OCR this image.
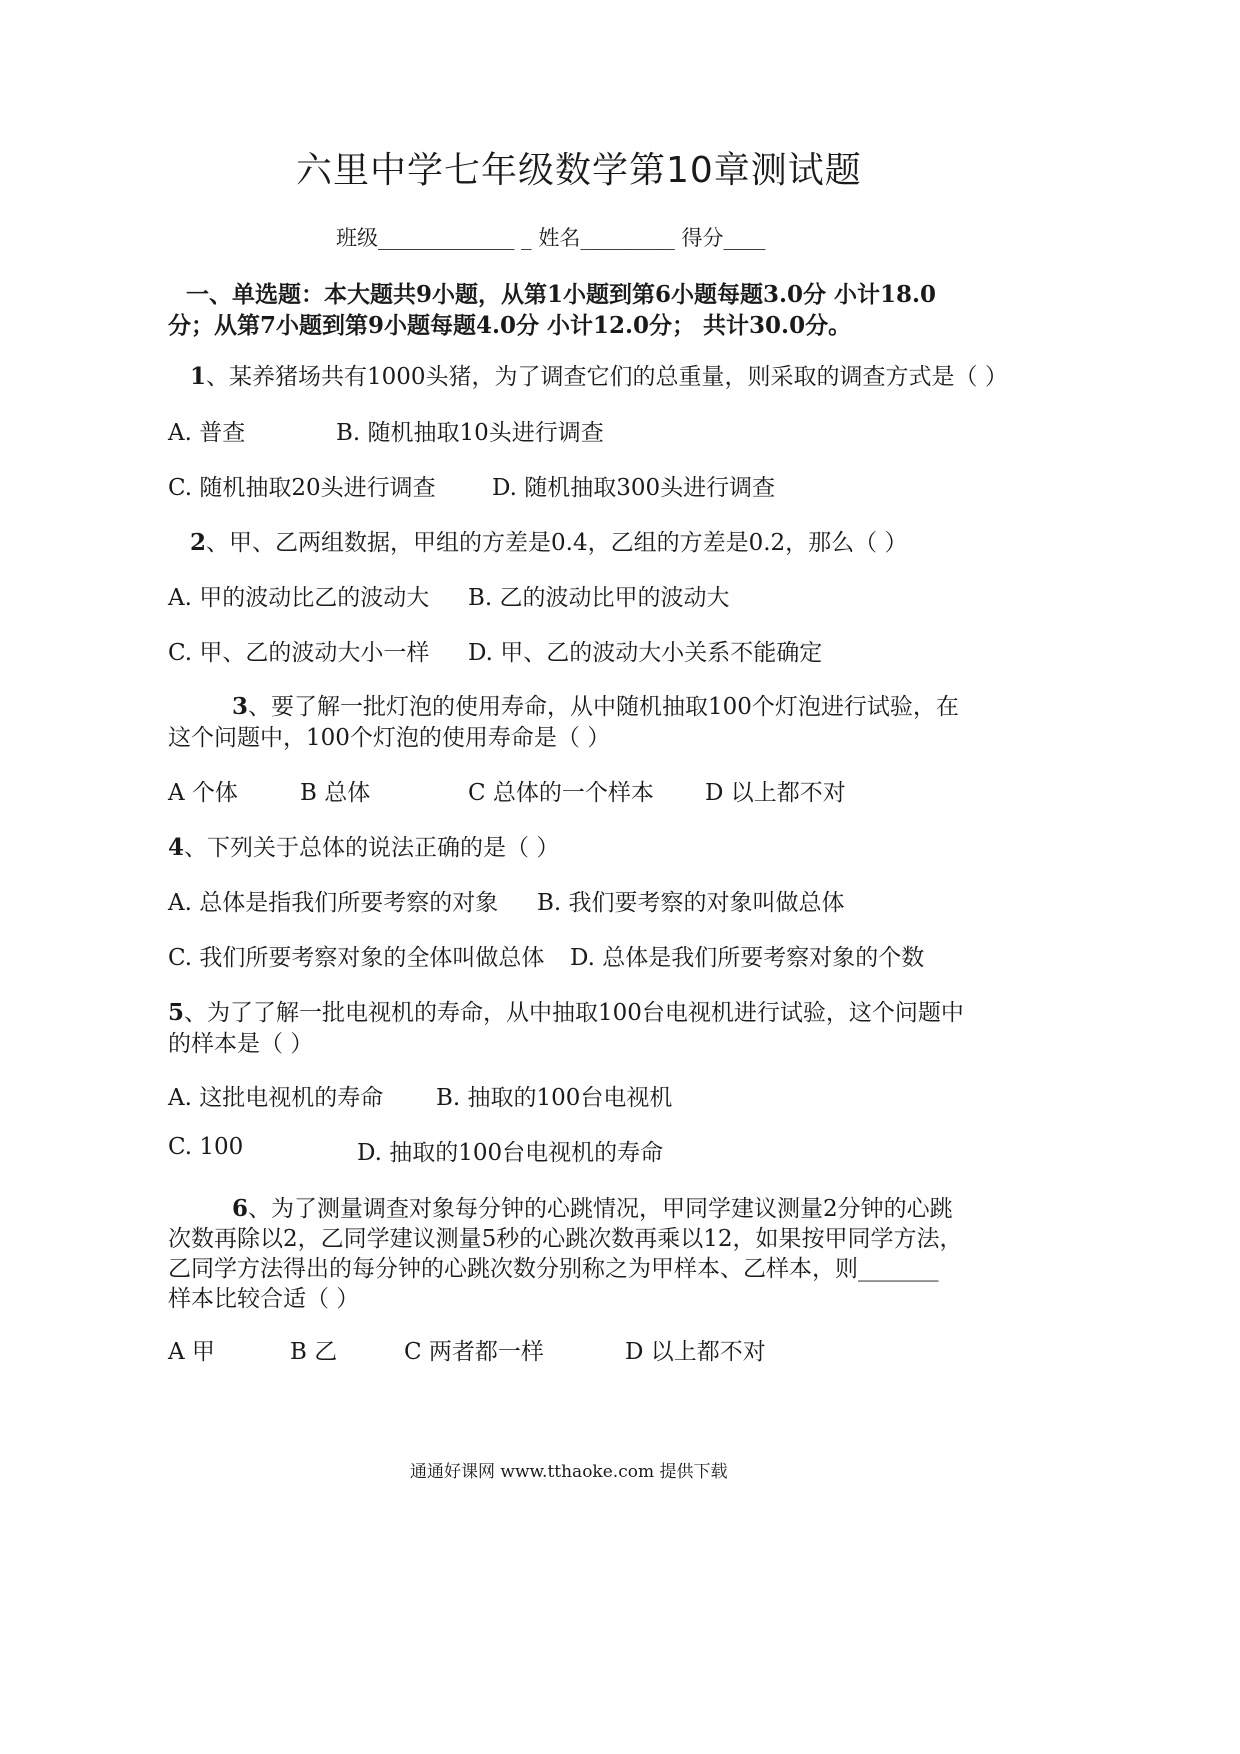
六里中学七年级数学第10章测试题
班级_____________ _ 姓名_________ 得分____
一、单选题：本大题共9小题，从第1小题到第6小题每题3.0分 小计18.0
分；从第7小题到第9小题每题4.0分 小计12.0分； 共计30.0分。
1、某养猪场共有1000头猪，为了调查它们的总重量，则采取的调查方式是（ ）
A. 普查	B. 随机抽取10头进行调查
C. 随机抽取20头进行调查 D. 随机抽取300头进行调查
2、甲、乙两组数据，甲组的方差是0.4，乙组的方差是0.2，那么（ ）
A. 甲的波动比乙的波动大 B. 乙的波动比甲的波动大
C. 甲、乙的波动大小一样 D. 甲、乙的波动大小关系不能确定
3、要了解一批灯泡的使用寿命，从中随机抽取100个灯泡进行试验，在
这个问题中，100个灯泡的使用寿命是（ ）
A 个体	B 总体	C 总体的一个样本 D 以上都不对
4、下列关于总体的说法正确的是（ ）
A. 总体是指我们所要考察的对象 B. 我们要考察的对象叫做总体
C. 我们所要考察对象的全体叫做总体 D. 总体是我们所要考察对象的个数
5、为了了解一批电视机的寿命，从中抽取100台电视机进行试验，这个问题中
的样本是（ ）
A. 这批电视机的寿命 B. 抽取的100台电视机
C. 100	D. 抽取的100台电视机的寿命
6、为了测量调查对象每分钟的心跳情况，甲同学建议测量2分钟的心跳
次数再除以2，乙同学建议测量5秒的心跳次数再乘以12，如果按甲同学方法，
乙同学方法得出的每分钟的心跳次数分别称之为甲样本、乙样本，则_______
样本比较合适（ ）
A 甲	B 乙	C 两者都一样	D 以上都不对
通通好课网 www.tthaoke.com 提供下载
